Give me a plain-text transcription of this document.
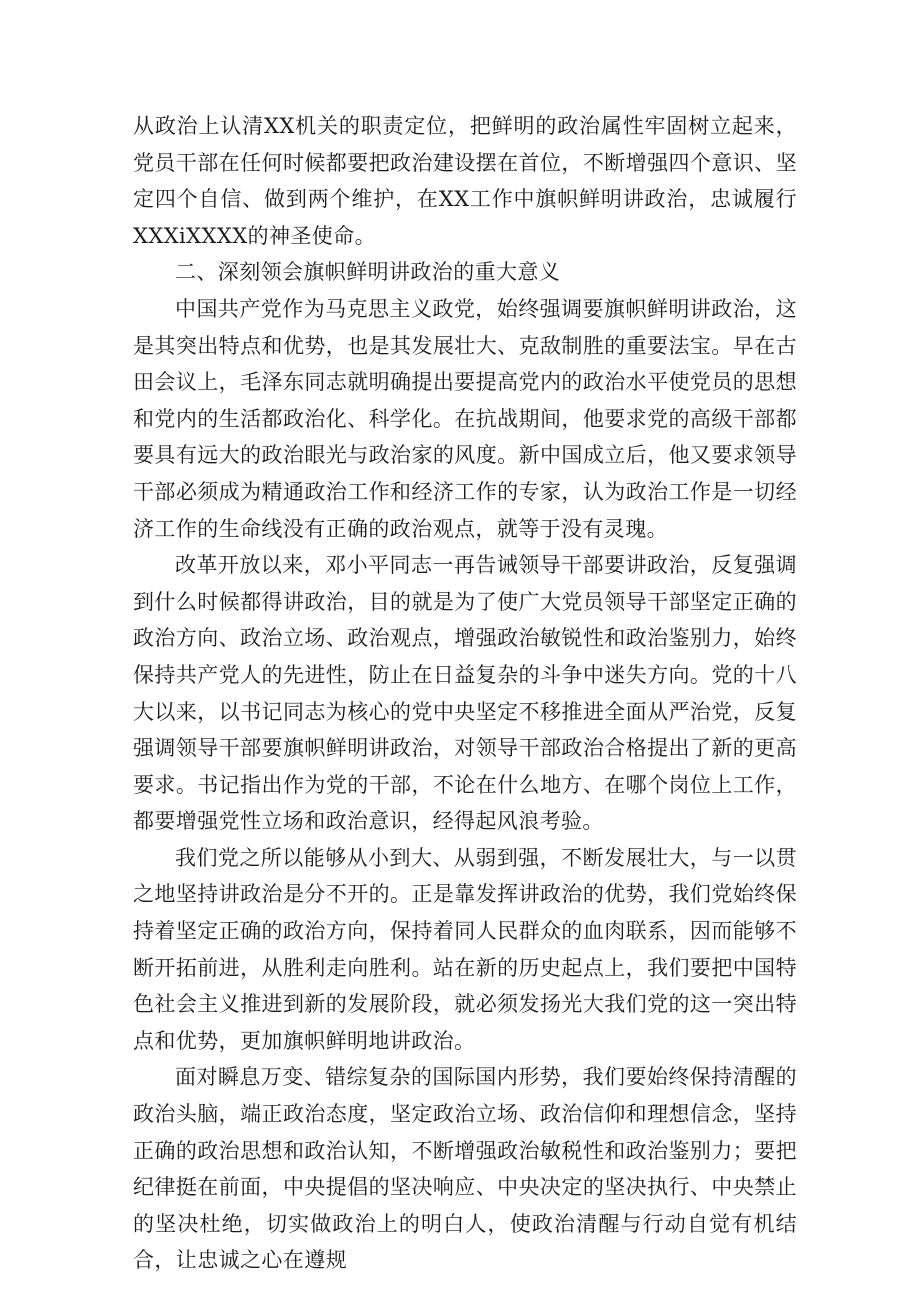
从政治上认清XX机关的职责定位，把鲜明的政治属性牢固树立起来，党员干部在任何时候都要把政治建设摆在首位，不断增强四个意识、坚定四个自信、做到两个维护，在XX工作中旗帜鲜明讲政治，忠诚履行XXXiXXXX的神圣使命。

二、深刻领会旗帜鲜明讲政治的重大意义

中国共产党作为马克思主义政党，始终强调要旗帜鲜明讲政治，这是其突出特点和优势，也是其发展壮大、克敌制胜的重要法宝。早在古田会议上，毛泽东同志就明确提出要提高党内的政治水平使党员的思想和党内的生活都政治化、科学化。在抗战期间，他要求党的高级干部都要具有远大的政治眼光与政治家的风度。新中国成立后，他又要求领导干部必须成为精通政治工作和经济工作的专家，认为政治工作是一切经济工作的生命线没有正确的政治观点，就等于没有灵瑰。

改革开放以来，邓小平同志一再告诫领导干部要讲政治，反复强调到什么时候都得讲政治，目的就是为了使广大党员领导干部坚定正确的政治方向、政治立场、政治观点，增强政治敏锐性和政治鉴别力，始终保持共产党人的先进性，防止在日益复杂的斗争中迷失方向。党的十八大以来，以书记同志为核心的党中央坚定不移推进全面从严治党，反复强调领导干部要旗帜鲜明讲政治，对领导干部政治合格提出了新的更高要求。书记指出作为党的干部，不论在什么地方、在哪个岗位上工作，都要增强党性立场和政治意识，经得起风浪考验。

我们党之所以能够从小到大、从弱到强，不断发展壮大，与一以贯之地坚持讲政治是分不开的。正是靠发挥讲政治的优势，我们党始终保持着坚定正确的政治方向，保持着同人民群众的血肉联系，因而能够不断开拓前进，从胜利走向胜利。站在新的历史起点上，我们要把中国特色社会主义推进到新的发展阶段，就必须发扬光大我们党的这一突出特点和优势，更加旗帜鲜明地讲政治。

面对瞬息万变、错综复杂的国际国内形势，我们要始终保持清醒的政治头脑，端正政治态度，坚定政治立场、政治信仰和理想信念，坚持正确的政治思想和政治认知，不断增强政治敏税性和政治鉴别力；要把纪律挺在前面，中央提倡的坚决响应、中央决定的坚决执行、中央禁止的坚决杜绝，切实做政治上的明白人，使政治清醒与行动自觉有机结合，让忠诚之心在遵规
